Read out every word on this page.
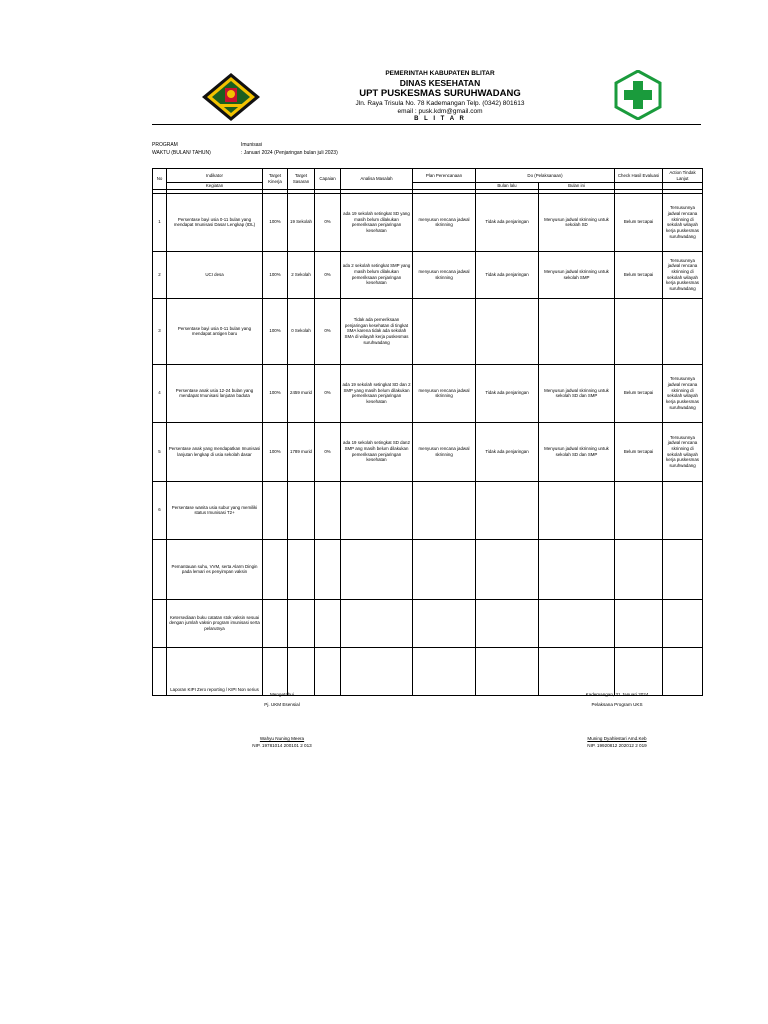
PEMERINTAH KABUPATEN BLITAR
DINAS KESEHATAN
UPT PUSKESMAS SURUHWADANG
Jln. Raya Trisula No. 78 Kademangan Telp. (0342) 801613
email : pusk.kdm@gmail.com
B L I T A R
PROGRAM	Imunisasi
WAKTU (BULAN/ TAHUN)	: Januari 2024 (Penjaringan bulan juli 2023)
No	Indikator	Target Kinerja	Target Sasaran	Capaian	Analisa Masalah	Plan Perencanaan	Do (Pelaksanaan)		Check Hasil Evaluasi	Action Tindak Lanjut
	Kegiatan						Bulan lalu	Bulan ini		

1	Persentase bayi usia 0-11 bulan yang mendapat Imunisasi Dasar Lengkap (IDL)	100%	19 Sekolah	0%	ada 19 sekolah setingkat SD yang masih belum dilakukan pemeriksaan penjaringan kesehatan	menyusun rencana jadwal skrinning	Tidak ada penjaringan	Menyusun jadwal skrinning untuk sekolah SD	Belum tercapai	Tersusunnya jadwal rencana skrinning di sekolah wilayah kerja puskesmas suruhwadang
2	UCI desa	100%	2 Sekolah	0%	ada 2 sekolah setingkat SMP yang masih belum dilakukan pemeriksaan penjaringan kesehatan	menyusun rencana jadwal skrinning	Tidak ada penjaringan	Menyusun jadwal skrinning untuk sekolah SMP	Belum tercapai	Tersusunnya jadwal rencana skrinning di sekolah wilayah kerja puskesmas suruhwadang
3	Persentase bayi usia 0-11 bulan yang mendapat antigen baru	100%	0 Sekolah	0%	Tidak ada pemeriksaan penjaringan kesehatan di tingkat SMA karena tidak ada sekolah SMA di wilayah kerja puskesmas suruhwadang					
4	Persentase anak usia 12-24 bulan yang mendapat Imunisasi lanjutan baduta	100%	2459 murid	0%	ada 19 sekolah setingkat SD dan 2 SMP yang masih belum dilakukan pemeriksaan penjaringan kesehatan	menyusun rencana jadwal skrinning	Tidak ada penjaringan	Menyusun jadwal skrinning untuk sekolah SD dan SMP	Belum tercapai	Tersusunnya jadwal rencana skrinning di sekolah wilayah kerja puskesmas suruhwadang
5	Persentase anak yang mendapatkan Imunisasi lanjutan lengkap di usia sekolah dasar	100%	1789 murid	0%	ada 19 sekolah setingkat SD dan2 SMP ang masih belum dilakukan pemeriksaan penjaringan kesehatan	menyusun rencana jadwal skrinning	Tidak ada penjaringan	Menyusun jadwal skrinning untuk sekolah SD dan SMP	Belum tercapai	Tersusunnya jadwal rencana skrinning di sekolah wilayah kerja puskesmas suruhwadang
6	Persentase wanita usia subur yang memiliki status Imunisasi T2+									
	Pemantauan suhu, VVM, serta Alarm Dingin pada lemari es penyimpan vaksin									
	Ketersediaan buku catatan stok vaksin sesuai dengan jumlah vaksin program imunisasi serta pelarutnya									
	Laporan KIPI Zero reporting / KIPI Non serius									
Mengetahui
Pj. UKM Esensial
Wahyu Nuning Meera
NIP. 19781014 200101 2 013
Kademangan, 31 Januari 2024
Pelaksana Program UKS
Muning Dyahlestari Amd.Keb
NIP. 19920812 202012 2 019
